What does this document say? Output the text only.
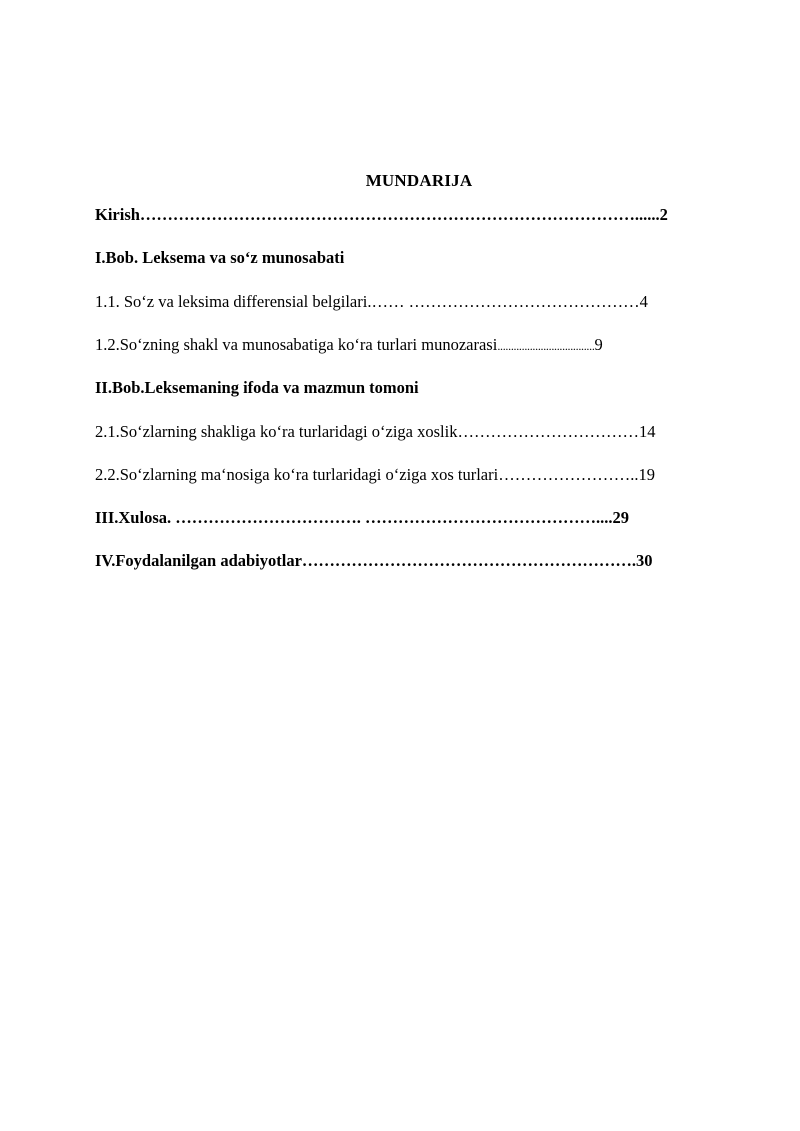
MUNDARIJA

Kirish………………………………………………………………………………......2

I.Bob. Leksema va so‘z munosabati

1.1. So‘z va leksima differensial belgilari.…… ……………………………………4

1.2.So‘zning shakl va munosabatiga ko‘ra turlari munozarasi....................................9

II.Bob.Leksemaning ifoda va mazmun tomoni

2.1.So‘zlarning shakliga ko‘ra turlaridagi o‘ziga xoslik……………………………14

2.2.So‘zlarning ma‘nosiga ko‘ra turlaridagi o‘ziga xos turlari……………………..19

III.Xulosa. ……………………………. ……………………………………....29

IV.Foydalanilgan adabiyotlar…………………………………………………….30
